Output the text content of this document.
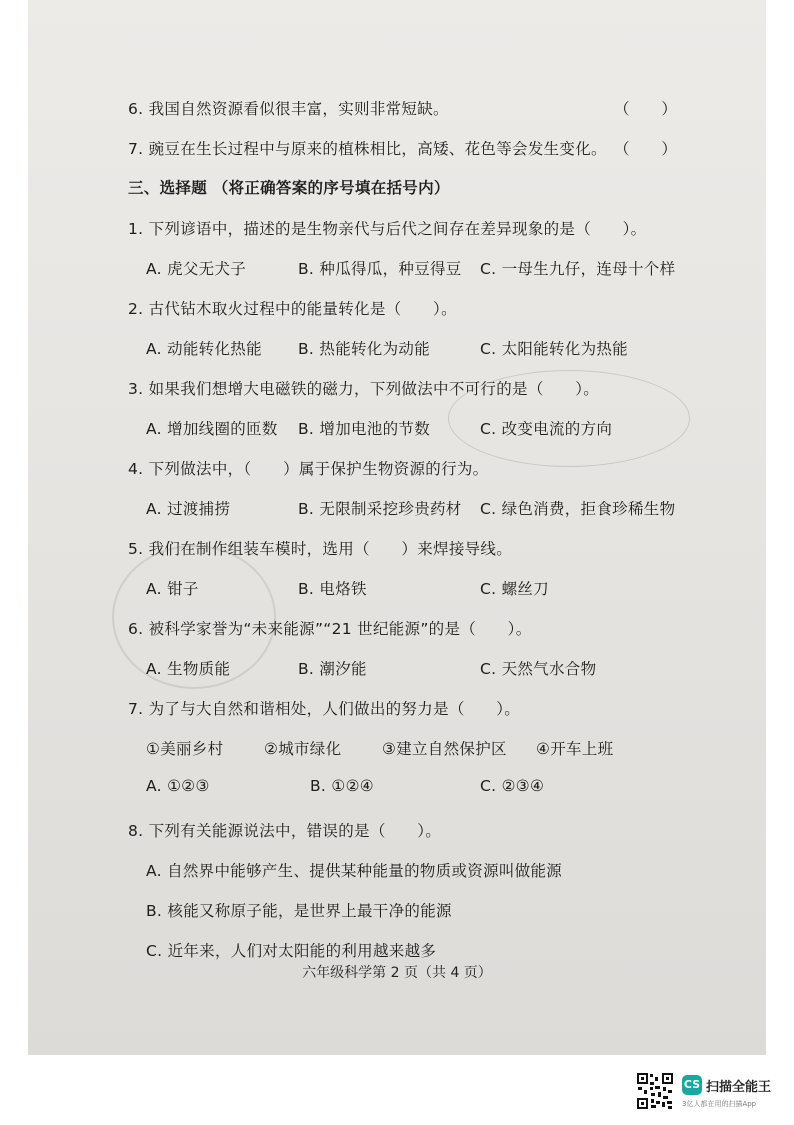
6. 我国自然资源看似很丰富，实则非常短缺。	（　　）
7. 豌豆在生长过程中与原来的植株相比，高矮、花色等会发生变化。 （　　）
三、选择题 （将正确答案的序号填在括号内）
1. 下列谚语中，描述的是生物亲代与后代之间存在差异现象的是（　　）。
A. 虎父无犬子	B. 种瓜得瓜，种豆得豆 C. 一母生九仔，连母十个样
2. 古代钻木取火过程中的能量转化是（　　）。
A. 动能转化热能 B. 热能转化为动能	C. 太阳能转化为热能
3. 如果我们想增大电磁铁的磁力，下列做法中不可行的是（　　）。
A. 增加线圈的匝数 B. 增加电池的节数	C. 改变电流的方向
4. 下列做法中，（　　）属于保护生物资源的行为。
A. 过渡捕捞	B. 无限制采挖珍贵药材 C. 绿色消费，拒食珍稀生物
5. 我们在制作组装车模时，选用（　　）来焊接导线。
A. 钳子	B. 电烙铁	C. 螺丝刀
6. 被科学家誉为“未来能源”“21 世纪能源”的是（　　）。
A. 生物质能	B. 潮汐能	C. 天然气水合物
7. 为了与大自然和谐相处，人们做出的努力是（　　）。
①美丽乡村	②城市绿化	③建立自然保护区 ④开车上班
A. ①②③	B. ①②④	C. ②③④
8. 下列有关能源说法中，错误的是（　　）。
A. 自然界中能够产生、提供某种能量的物质或资源叫做能源
B. 核能又称原子能，是世界上最干净的能源
C. 近年来，人们对太阳能的利用越来越多
六年级科学第 2 页（共 4 页）
CS 扫描全能王
3亿人都在用的扫描App
